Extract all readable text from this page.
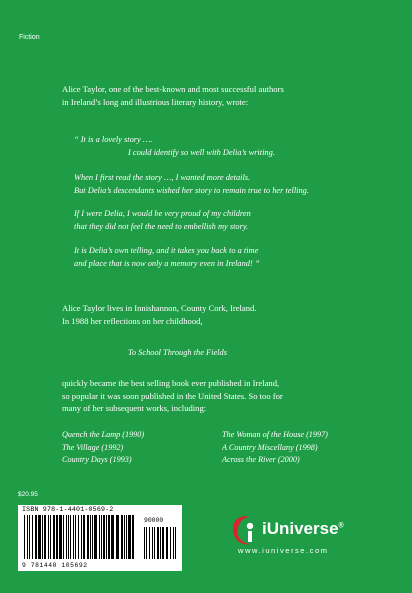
Fiction
Alice Taylor, one of the best-known and most successful authors
in Ireland’s long and illustrious literary history, wrote:
“ It is a lovely story ….
I could identify so well with Delia’s writing.
When I first read the story …, I wanted more details.
But Delia’s descendants wished her story to remain true to her telling.
If I were Delia, I would be very proud of my children
that they did not feel the need to embellish my story.
It is Delia’s own telling, and it takes you back to a time
and place that is now only a memory even in Ireland! ”
Alice Taylor lives in Innishannon, County Cork, Ireland.
In 1988 her reflections on her childhood,
To School Through the Fields
quickly became the best selling book ever published in Ireland,
so popular it was soon published in the United States. So too for
many of her subsequent works, including:
Quench the Lamp (1990)
The Village (1992)
Country Days (1993)
The Woman of the House (1997)
A Country Miscellany (1998)
Across the River (2000)
$20.95
ISBN 978-1-4401-0569-2
90000
9 781440 105692
iUniverse®
www.iuniverse.com
